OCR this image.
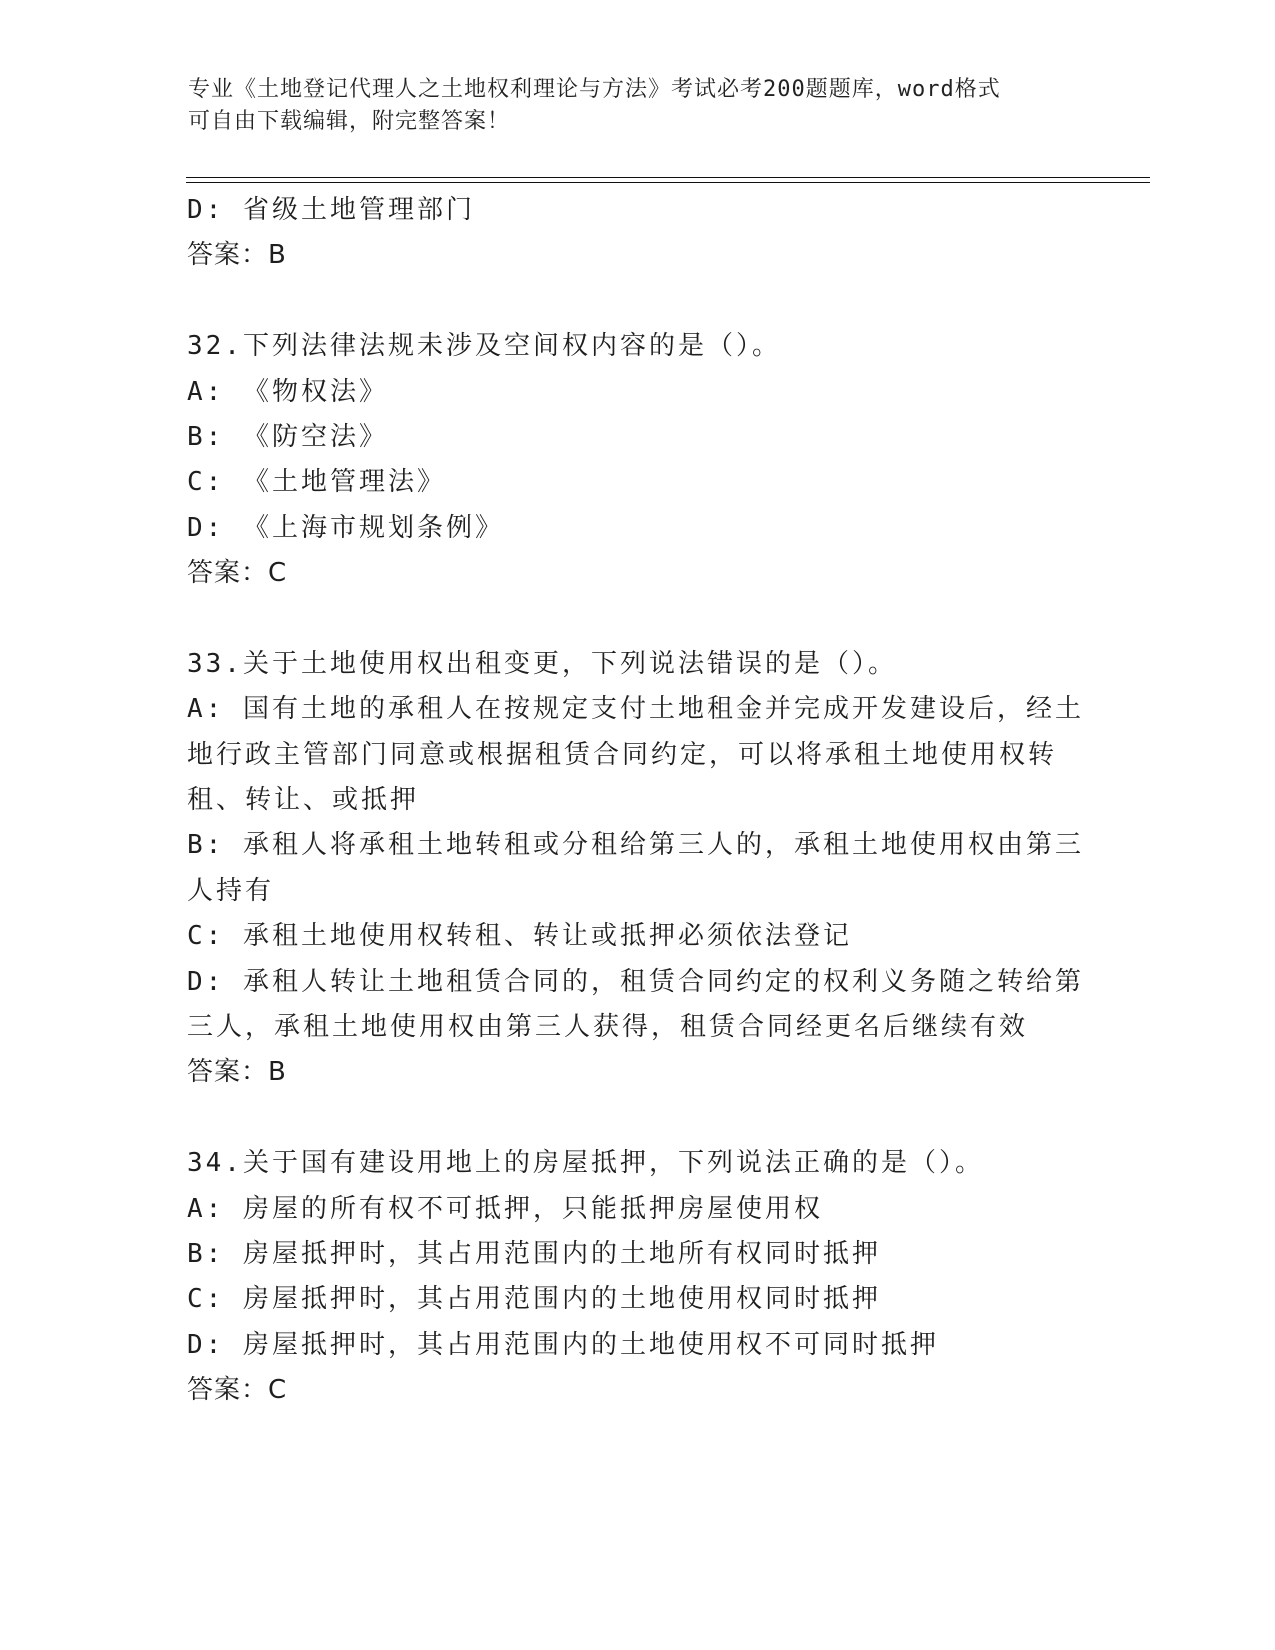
专业《土地登记代理人之土地权利理论与方法》考试必考200题题库，word格式
可自由下载编辑，附完整答案！
D: 省级土地管理部门
答案：B
32.下列法律法规未涉及空间权内容的是（）。
A: 《物权法》
B: 《防空法》
C: 《土地管理法》
D: 《上海市规划条例》
答案：C
33.关于土地使用权出租变更，下列说法错误的是（）。
A: 国有土地的承租人在按规定支付土地租金并完成开发建设后，经土
地行政主管部门同意或根据租赁合同约定，可以将承租土地使用权转
租、转让、或抵押
B: 承租人将承租土地转租或分租给第三人的，承租土地使用权由第三
人持有
C: 承租土地使用权转租、转让或抵押必须依法登记
D: 承租人转让土地租赁合同的，租赁合同约定的权利义务随之转给第
三人，承租土地使用权由第三人获得，租赁合同经更名后继续有效
答案：B
34.关于国有建设用地上的房屋抵押，下列说法正确的是（）。
A: 房屋的所有权不可抵押，只能抵押房屋使用权
B: 房屋抵押时，其占用范围内的土地所有权同时抵押
C: 房屋抵押时，其占用范围内的土地使用权同时抵押
D: 房屋抵押时，其占用范围内的土地使用权不可同时抵押
答案：C
